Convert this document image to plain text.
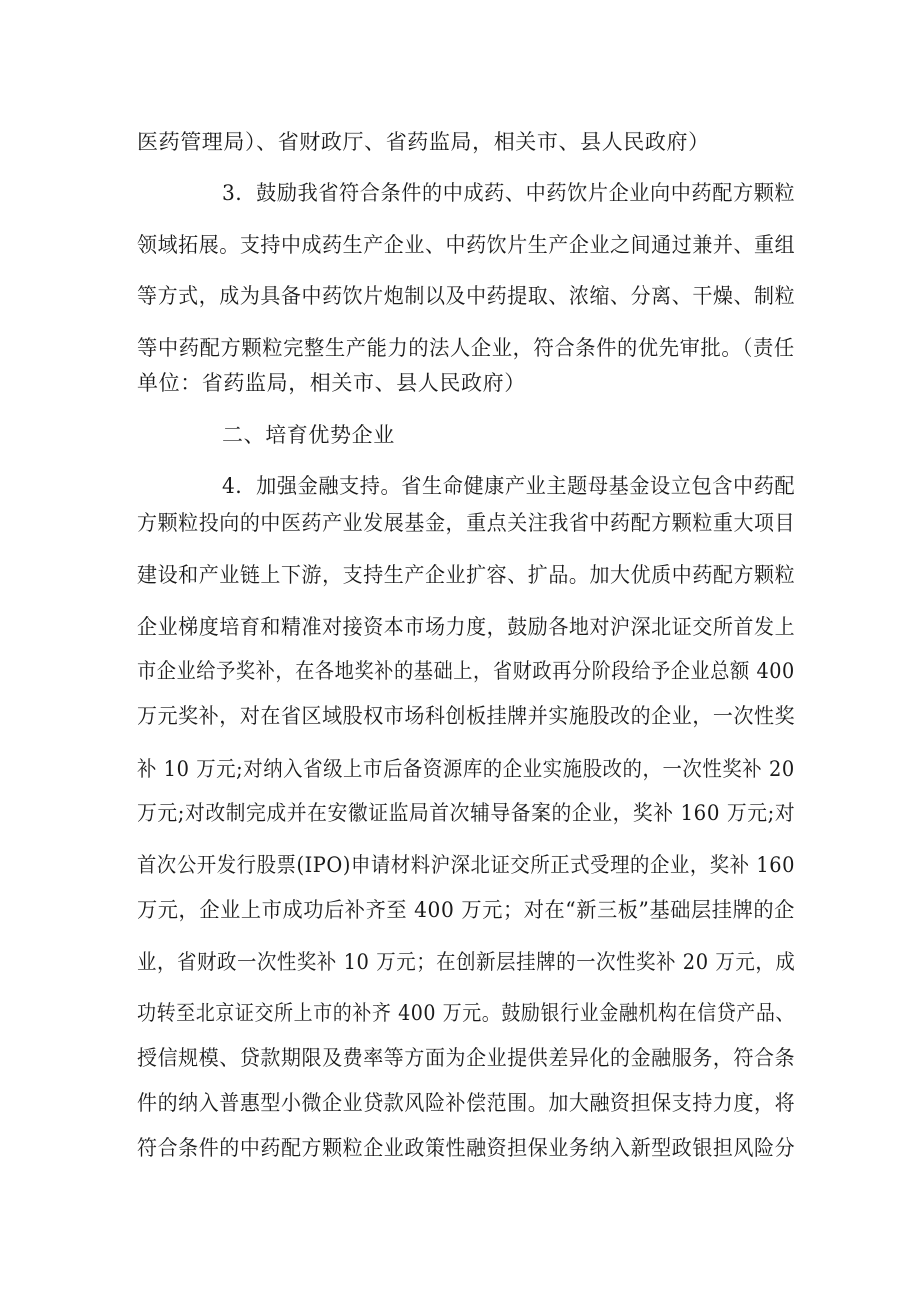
医药管理局）、省财政厅、省药监局，相关市、县人民政府）
3．鼓励我省符合条件的中成药、中药饮片企业向中药配方颗粒
领域拓展。支持中成药生产企业、中药饮片生产企业之间通过兼并、重组
等方式，成为具备中药饮片炮制以及中药提取、浓缩、分离、干燥、制粒
等中药配方颗粒完整生产能力的法人企业，符合条件的优先审批。（责任
单位：省药监局，相关市、县人民政府）
二、培育优势企业
4．加强金融支持。省生命健康产业主题母基金设立包含中药配
方颗粒投向的中医药产业发展基金，重点关注我省中药配方颗粒重大项目
建设和产业链上下游，支持生产企业扩容、扩品。加大优质中药配方颗粒
企业梯度培育和精准对接资本市场力度，鼓励各地对沪深北证交所首发上
市企业给予奖补，在各地奖补的基础上，省财政再分阶段给予企业总额 400
万元奖补，对在省区域股权市场科创板挂牌并实施股改的企业，一次性奖
补 10 万元;对纳入省级上市后备资源库的企业实施股改的，一次性奖补 20
万元;对改制完成并在安徽证监局首次辅导备案的企业，奖补 160 万元;对
首次公开发行股票(IPO)申请材料沪深北证交所正式受理的企业，奖补 160
万元，企业上市成功后补齐至 400 万元；对在“新三板”基础层挂牌的企
业，省财政一次性奖补 10 万元；在创新层挂牌的一次性奖补 20 万元，成
功转至北京证交所上市的补齐 400 万元。鼓励银行业金融机构在信贷产品、
授信规模、贷款期限及费率等方面为企业提供差异化的金融服务，符合条
件的纳入普惠型小微企业贷款风险补偿范围。加大融资担保支持力度，将
符合条件的中药配方颗粒企业政策性融资担保业务纳入新型政银担风险分
